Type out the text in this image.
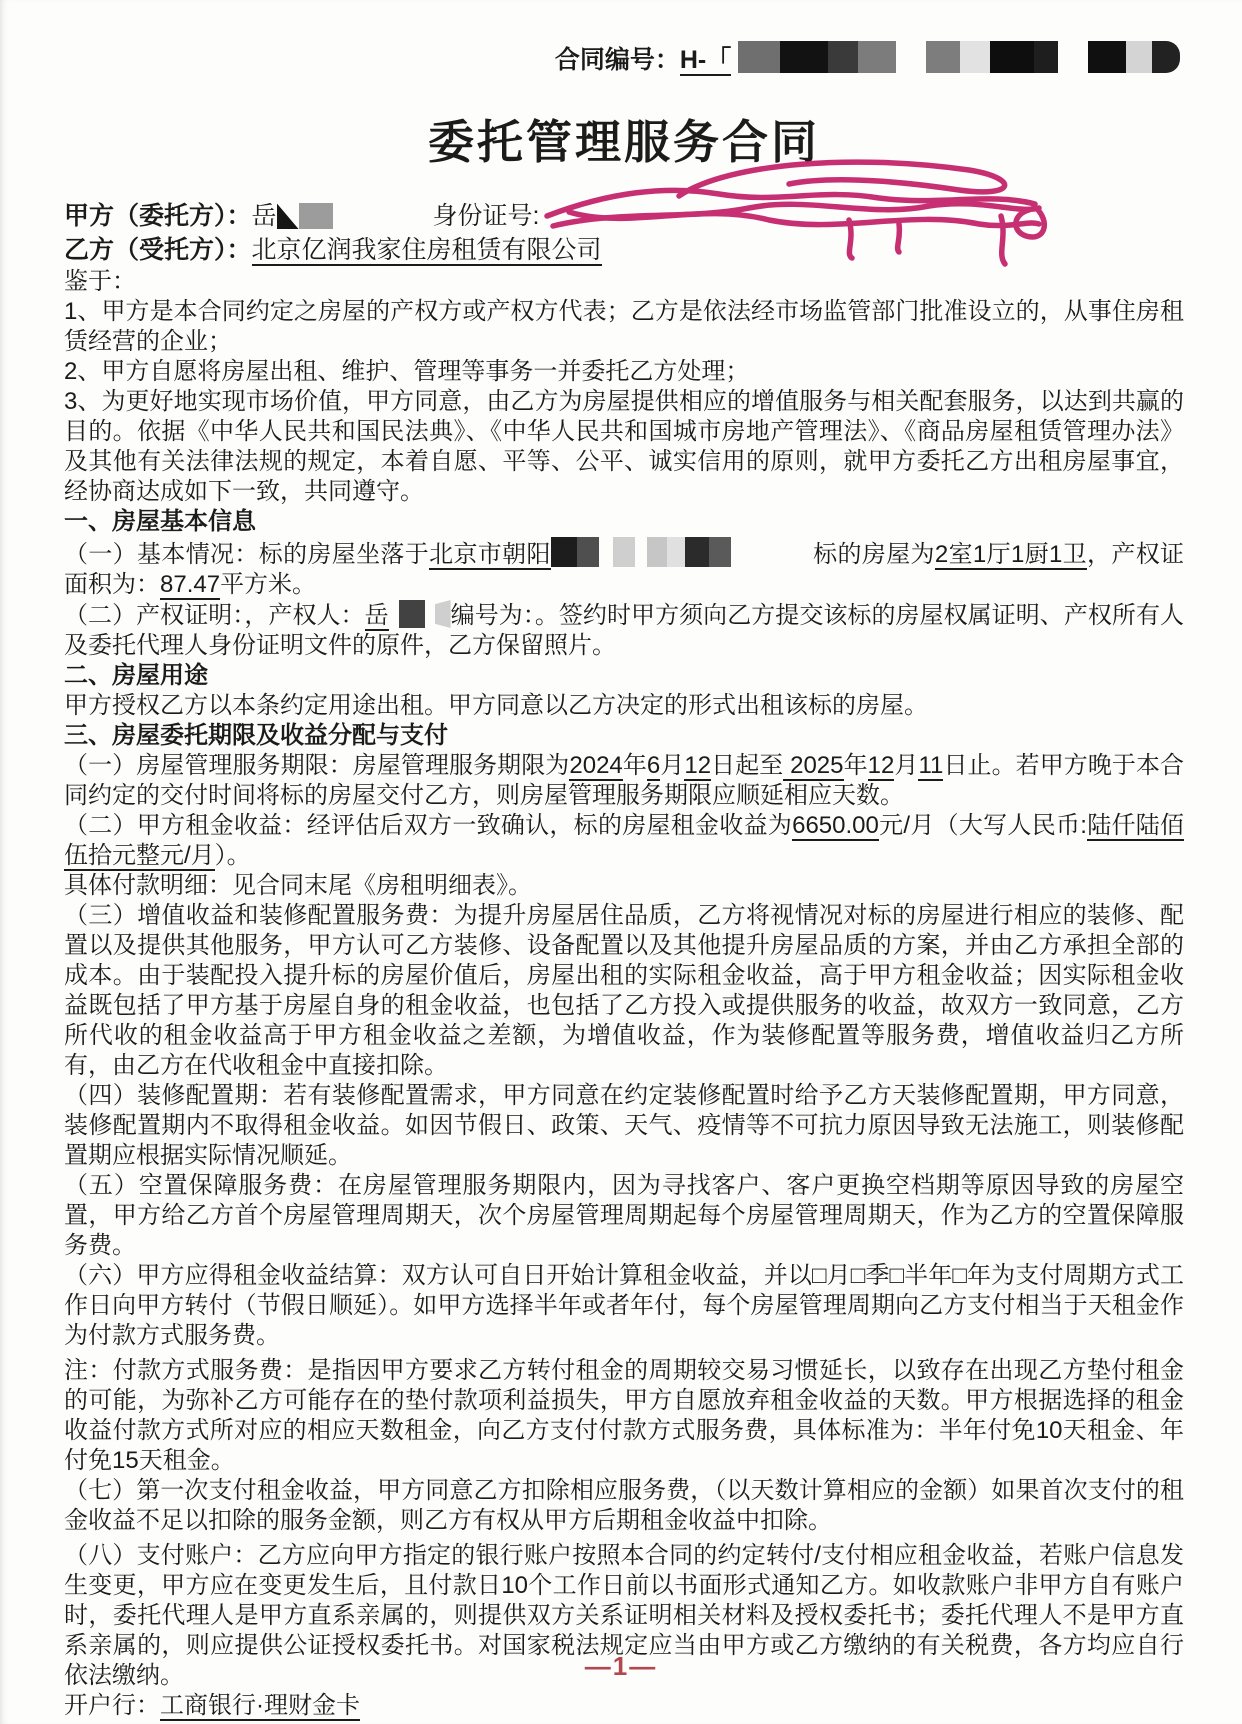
合同编号：H-「

委托管理服务合同

甲方（委托方）：岳	身份证号:

乙方（受托方）：北京亿润我家住房租赁有限公司

鉴于：

1、甲方是本合同约定之房屋的产权方或产权方代表；乙方是依法经市场监管部门批准设立的，从事住房租赁经营的企业；

2、甲方自愿将房屋出租、维护、管理等事务一并委托乙方处理；

3、为更好地实现市场价值，甲方同意，由乙方为房屋提供相应的增值服务与相关配套服务，以达到共赢的目的。依据《中华人民共和国民法典》、《中华人民共和国城市房地产管理法》、《商品房屋租赁管理办法》及其他有关法律法规的规定，本着自愿、平等、公平、诚实信用的原则，就甲方委托乙方出租房屋事宜，经协商达成如下一致，共同遵守。

一、房屋基本信息

（一）基本情况：标的房屋坐落于北京市朝阳	标的房屋为2室1厅1厨1卫，产权证面积为：87.47平方米。

（二）产权证明：，产权人：岳	编号为：。签约时甲方须向乙方提交该标的房屋权属证明、产权所有人及委托代理人身份证明文件的原件，乙方保留照片。

二、房屋用途

甲方授权乙方以本条约定用途出租。甲方同意以乙方决定的形式出租该标的房屋。

三、房屋委托期限及收益分配与支付

（一）房屋管理服务期限：房屋管理服务期限为2024年6月12日起至 2025年12月11日止。若甲方晚于本合同约定的交付时间将标的房屋交付乙方，则房屋管理服务期限应顺延相应天数。

（二）甲方租金收益：经评估后双方一致确认，标的房屋租金收益为6650.00元/月（大写人民币:陆仟陆佰伍拾元整元/月）。

具体付款明细：见合同末尾《房租明细表》。

（三）增值收益和装修配置服务费：为提升房屋居住品质，乙方将视情况对标的房屋进行相应的装修、配置以及提供其他服务，甲方认可乙方装修、设备配置以及其他提升房屋品质的方案，并由乙方承担全部的成本。由于装配投入提升标的房屋价值后，房屋出租的实际租金收益，高于甲方租金收益；因实际租金收益既包括了甲方基于房屋自身的租金收益，也包括了乙方投入或提供服务的收益，故双方一致同意，乙方所代收的租金收益高于甲方租金收益之差额，为增值收益，作为装修配置等服务费，增值收益归乙方所有，由乙方在代收租金中直接扣除。

（四）装修配置期：若有装修配置需求，甲方同意在约定装修配置时给予乙方天装修配置期，甲方同意，装修配置期内不取得租金收益。如因节假日、政策、天气、疫情等不可抗力原因导致无法施工，则装修配置期应根据实际情况顺延。

（五）空置保障服务费：在房屋管理服务期限内，因为寻找客户、客户更换空档期等原因导致的房屋空置，甲方给乙方首个房屋管理周期天，次个房屋管理周期起每个房屋管理周期天，作为乙方的空置保障服务费。

（六）甲方应得租金收益结算：双方认可自日开始计算租金收益，并以□月□季□半年□年为支付周期方式工作日向甲方转付（节假日顺延）。如甲方选择半年或者年付，每个房屋管理周期向乙方支付相当于天租金作为付款方式服务费。

注：付款方式服务费：是指因甲方要求乙方转付租金的周期较交易习惯延长，以致存在出现乙方垫付租金的可能，为弥补乙方可能存在的垫付款项利益损失，甲方自愿放弃租金收益的天数。甲方根据选择的租金收益付款方式所对应的相应天数租金，向乙方支付付款方式服务费，具体标准为：半年付免10天租金、年付免15天租金。

（七）第一次支付租金收益，甲方同意乙方扣除相应服务费，（以天数计算相应的金额）如果首次支付的租金收益不足以扣除的服务金额，则乙方有权从甲方后期租金收益中扣除。

（八）支付账户：乙方应向甲方指定的银行账户按照本合同的约定转付/支付相应租金收益，若账户信息发生变更，甲方应在变更发生后，且付款日10个工作日前以书面形式通知乙方。如收款账户非甲方自有账户时，委托代理人是甲方直系亲属的，则提供双方关系证明相关材料及授权委托书；委托代理人不是甲方直系亲属的，则应提供公证授权委托书。对国家税法规定应当由甲方或乙方缴纳的有关税费，各方均应自行依法缴纳。

开户行：工商银行·理财金卡

—1—
